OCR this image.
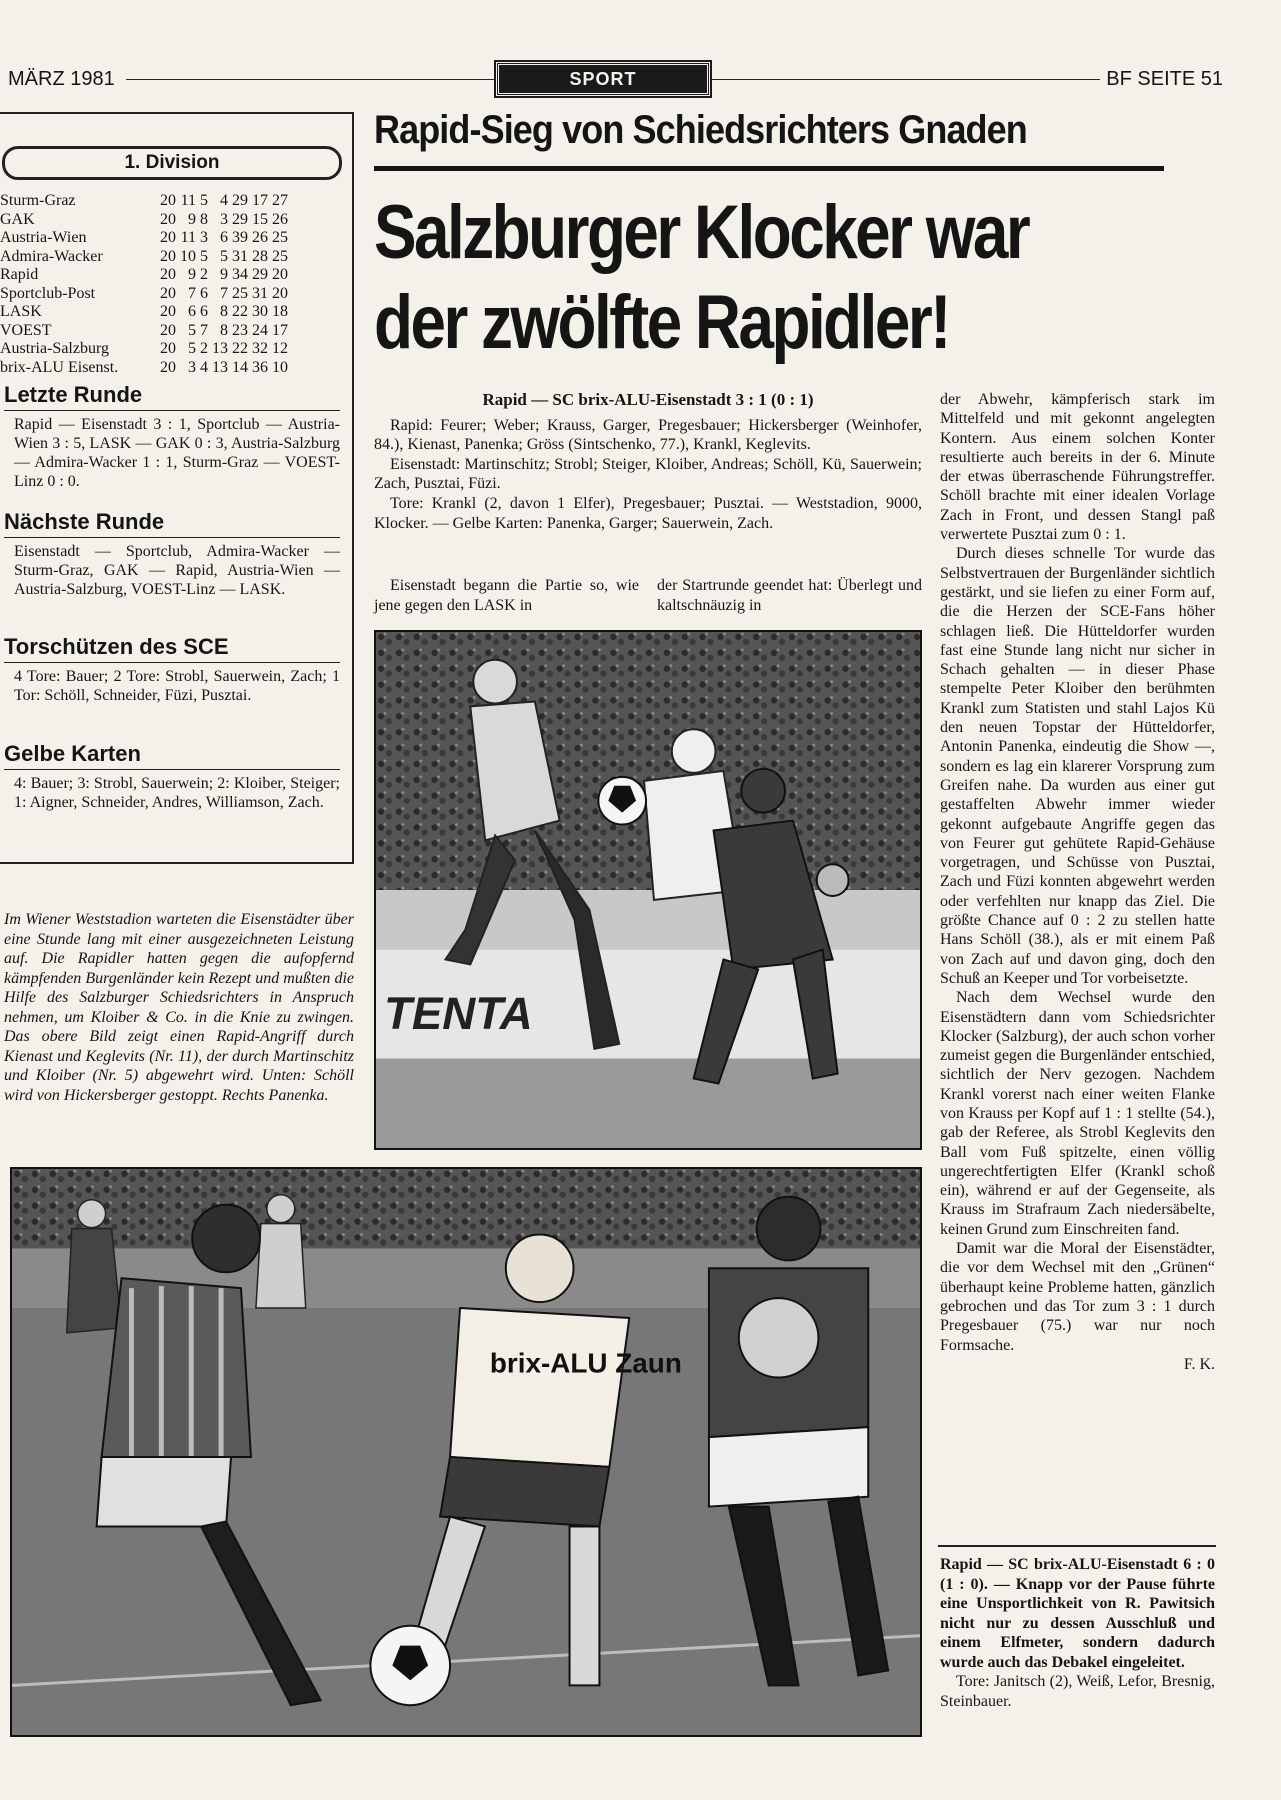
MÄRZ 1981	SPORT	BF SEITE 51
1. Division
Sturm-Graz	20	11	5	4	29	17	27
GAK	20	9	8	3	29	15	26
Austria-Wien	20	11	3	6	39	26	25
Admira-Wacker	20	10	5	5	31	28	25
Rapid	20	9	2	9	34	29	20
Sportclub-Post	20	7	6	7	25	31	20
LASK	20	6	6	8	22	30	18
VOEST	20	5	7	8	23	24	17
Austria-Salzburg	20	5	2	13	22	32	12
brix-ALU Eisenst.	20	3	4	13	14	36	10
Letzte Runde

Rapid — Eisenstadt 3 : 1, Sportclub — Austria-Wien 3 : 5, LASK — GAK 0 : 3, Austria-Salzburg — Admira-Wacker 1 : 1, Sturm-Graz — VOEST-Linz 0 : 0.

Nächste Runde

Eisenstadt — Sportclub, Admira-Wacker — Sturm-Graz, GAK — Rapid, Austria-Wien — Austria-Salzburg, VOEST-Linz — LASK.

Torschützen des SCE

4 Tore: Bauer; 2 Tore: Strobl, Sauerwein, Zach; 1 Tor: Schöll, Schneider, Füzi, Pusztai.

Gelbe Karten

4: Bauer; 3: Strobl, Sauerwein; 2: Kloiber, Steiger; 1: Aigner, Schneider, Andres, Williamson, Zach.

Im Wiener Weststadion warteten die Eisenstädter über eine Stunde lang mit einer ausgezeichneten Leistung auf. Die Rapidler hatten gegen die aufopfernd kämpfenden Burgenländer kein Rezept und mußten die Hilfe des Salzburger Schiedsrichters in Anspruch nehmen, um Kloiber & Co. in die Knie zu zwingen. Das obere Bild zeigt einen Rapid-Angriff durch Kienast und Keglevits (Nr. 11), der durch Martinschitz und Kloiber (Nr. 5) abgewehrt wird. Unten: Schöll wird von Hickersberger gestoppt. Rechts Panenka.
Rapid-Sieg von Schiedsrichters Gnaden
Salzburger Klocker war der zwölfte Rapidler!
Rapid — SC brix-ALU-Eisenstadt 3 : 1 (0 : 1)

Rapid: Feurer; Weber; Krauss, Garger, Pregesbauer; Hickersberger (Weinhofer, 84.), Kienast, Panenka; Gröss (Sintschenko, 77.), Krankl, Keglevits.

Eisenstadt: Martinschitz; Strobl; Steiger, Kloiber, Andreas; Schöll, Kü, Sauerwein; Zach, Pusztai, Füzi.

Tore: Krankl (2, davon 1 Elfer), Pregesbauer; Pusztai. — Weststadion, 9000, Klocker. — Gelbe Karten: Panenka, Garger; Sauerwein, Zach.

Eisenstadt begann die Partie so, wie jene gegen den LASK in
der Startrunde geendet hat: Überlegt und kaltschnäuzig in
TENTA
brix-ALU Zaun

der Abwehr, kämpferisch stark im Mittelfeld und mit gekonnt angelegten Kontern. Aus einem solchen Konter resultierte auch bereits in der 6. Minute der etwas überraschende Führungstreffer. Schöll brachte mit einer idealen Vorlage Zach in Front, und dessen Stangl paß verwertete Pusztai zum 0 : 1.

Durch dieses schnelle Tor wurde das Selbstvertrauen der Burgenländer sichtlich gestärkt, und sie liefen zu einer Form auf, die die Herzen der SCE-Fans höher schlagen ließ. Die Hütteldorfer wurden fast eine Stunde lang nicht nur sicher in Schach gehalten — in dieser Phase stempelte Peter Kloiber den berühmten Krankl zum Statisten und stahl Lajos Kü den neuen Topstar der Hütteldorfer, Antonin Panenka, eindeutig die Show —, sondern es lag ein klarerer Vorsprung zum Greifen nahe. Da wurden aus einer gut gestaffelten Abwehr immer wieder gekonnt aufgebaute Angriffe gegen das von Feurer gut gehütete Rapid-Gehäuse vorgetragen, und Schüsse von Pusztai, Zach und Füzi konnten abgewehrt werden oder verfehlten nur knapp das Ziel. Die größte Chance auf 0 : 2 zu stellen hatte Hans Schöll (38.), als er mit einem Paß von Zach auf und davon ging, doch den Schuß an Keeper und Tor vorbeisetzte.

Nach dem Wechsel wurde den Eisenstädtern dann vom Schiedsrichter Klocker (Salzburg), der auch schon vorher zumeist gegen die Burgenländer entschied, sichtlich der Nerv gezogen. Nachdem Krankl vorerst nach einer weiten Flanke von Krauss per Kopf auf 1 : 1 stellte (54.), gab der Referee, als Strobl Keglevits den Ball vom Fuß spitzelte, einen völlig ungerechtfertigten Elfer (Krankl schoß ein), während er auf der Gegenseite, als Krauss im Strafraum Zach niedersäbelte, keinen Grund zum Einschreiten fand.

Damit war die Moral der Eisenstädter, die vor dem Wechsel mit den „Grünen“ überhaupt keine Probleme hatten, gänzlich gebrochen und das Tor zum 3 : 1 durch Pregesbauer (75.) war nur noch Formsache.

F. K.

Rapid — SC brix-ALU-Eisenstadt 6 : 0 (1 : 0). — Knapp vor der Pause führte eine Unsportlichkeit von R. Pawitsich nicht nur zu dessen Ausschluß und einem Elfmeter, sondern dadurch wurde auch das Debakel eingeleitet.

Tore: Janitsch (2), Weiß, Lefor, Bresnig, Steinbauer.
